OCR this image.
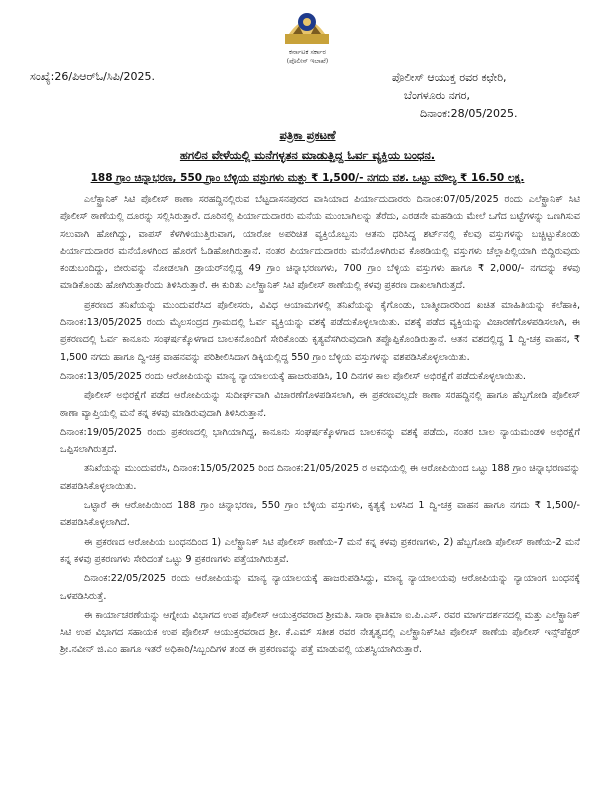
ಕರ್ನಾಟಕ ಸರ್ಕಾರ
(ಪೊಲೀಸ್ ಇಲಾಖೆ)
ಸಂಖ್ಯೆ:26/ಪಿಆರ್‌ಓ/ಸಿಪಿ/2025.	ಪೊಲೀಸ್ ಆಯುಕ್ತ ರವರ ಕಛೇರಿ,
ಬೆಂಗಳೂರು ನಗರ,
ದಿನಾಂಕ:28/05/2025.
ಪತ್ರಿಕಾ ಪ್ರಕಟಣೆ
ಹಗಲಿನ ವೇಳೆಯಲ್ಲಿ ಮನೆಗಳ್ಳತನ ಮಾಡುತ್ತಿದ್ದ ಓರ್ವ ವ್ಯಕ್ತಿಯ ಬಂಧನ.
188 ಗ್ರಾಂ ಚಿನ್ನಾಭರಣ, 550 ಗ್ರಾಂ ಬೆಳ್ಳಿಯ ವಸ್ತುಗಳು ಮತ್ತು ₹ 1,500/- ನಗದು ವಶ. ಒಟ್ಟು ಮೌಲ್ಯ ₹ 16.50 ಲಕ್ಷ.

ಎಲೆಕ್ಟ್ರಾನಿಕ್ ಸಿಟಿ ಪೊಲೀಸ್ ಠಾಣಾ ಸರಹದ್ದಿನಲ್ಲಿರುವ ಬೆಟ್ಟದಾಸನಪುರದ ವಾಸಿಯಾದ ಪಿರ್ಯಾದುದಾರರು ದಿನಾಂಕ:07/05/2025 ರಂದು ಎಲೆಕ್ಟ್ರಾನಿಕ್ ಸಿಟಿ ಪೊಲೀಸ್ ಠಾಣೆಯಲ್ಲಿ ದೂರನ್ನು ಸಲ್ಲಿಸಿರುತ್ತಾರೆ. ದೂರಿನಲ್ಲಿ ಪಿರ್ಯಾದುದಾರರು ಮನೆಯ ಮುಂಬಾಗಿಲನ್ನು ತೆರೆದು, ಎರಡನೇ ಮಹಡಿಯ ಮೇಲೆ ಒಗೆದ ಬಟ್ಟೆಗಳನ್ನು ಒಣಗಿಸುವ ಸಲುವಾಗಿ ಹೋಗಿದ್ದು, ವಾಪಸ್ ಕೆಳಗಿಳಿಯುತ್ತಿರುವಾಗ, ಯಾರೋ ಅಪರಿಚಿತ ವ್ಯಕ್ತಿಯೊಬ್ಬನು ಆತನು ಧರಿಸಿದ್ದ ಶರ್ಟ್‌ನಲ್ಲಿ ಕೆಲವು ವಸ್ತುಗಳನ್ನು ಬಚ್ಚಿಟ್ಟುಕೊಂಡು ಪಿರ್ಯಾದುದಾರರ ಮನೆಯೊಳಗಿಂದ ಹೊರಗೆ ಓಡಿಹೋಗಿರುತ್ತಾನೆ. ನಂತರ ಪಿರ್ಯಾದುದಾರರು ಮನೆಯೊಳಗಿರುವ ಕೊಠಡಿಯಲ್ಲಿ ವಸ್ತುಗಳು ಚೆಲ್ಲಾಪಿಲ್ಲಿಯಾಗಿ ಬಿದ್ದಿರುವುದು ಕಂಡುಬಂದಿದ್ದು, ಬೀರುವನ್ನು ನೋಡಲಾಗಿ ಡ್ರಾಯರ್‌ನಲ್ಲಿದ್ದ 49 ಗ್ರಾಂ ಚಿನ್ನಾಭರಣಗಳು, 700 ಗ್ರಾಂ ಬೆಳ್ಳಿಯ ವಸ್ತುಗಳು ಹಾಗೂ ₹ 2,000/- ನಗದನ್ನು ಕಳವು ಮಾಡಿಕೊಂಡು ಹೋಗಿರುತ್ತಾರೆಂದು ತಿಳಿಸಿರುತ್ತಾರೆ. ಈ ಕುರಿತು ಎಲೆಕ್ಟ್ರಾನಿಕ್ ಸಿಟಿ ಪೊಲೀಸ್ ಠಾಣೆಯಲ್ಲಿ ಕಳವು ಪ್ರಕರಣ ದಾಖಲಾಗಿರುತ್ತದೆ.

ಪ್ರಕರಣದ ತನಿಖೆಯನ್ನು ಮುಂದುವರೆಸಿದ ಪೊಲೀಸರು, ವಿವಿಧ ಆಯಾಮಗಳಲ್ಲಿ ತನಿಖೆಯನ್ನು ಕೈಗೊಂಡು, ಬಾತ್ಮೀದಾರರಿಂದ ಖಚಿತ ಮಾಹಿತಿಯನ್ನು ಕಲೆಹಾಕಿ, ದಿನಾಂಕ:13/05/2025 ರಂದು ಮೈಲಸಂದ್ರದ ಗ್ರಾಮದಲ್ಲಿ ಓರ್ವ ವ್ಯಕ್ತಿಯನ್ನು ವಶಕ್ಕೆ ಪಡೆದುಕೊಳ್ಳಲಾಯಿತು. ವಶಕ್ಕೆ ಪಡೆದ ವ್ಯಕ್ತಿಯನ್ನು ವಿಚಾರಣೆಗೊಳಪಡಿಸಲಾಗಿ, ಈ ಪ್ರಕರಣದಲ್ಲಿ ಓರ್ವ ಕಾನೂನು ಸಂಘರ್ಷಕ್ಕೊಳಗಾದ ಬಾಲಕನೊಂದಿಗೆ ಸೇರಿಕೊಂಡು ಕೃತ್ಯವೆಸಗಿರುವುದಾಗಿ ತಪ್ಪೊಪ್ಪಿಕೊಂಡಿರುತ್ತಾನೆ. ಆತನ ವಶದಲ್ಲಿದ್ದ 1 ದ್ವಿ-ಚಕ್ರ ವಾಹನ, ₹ 1,500 ನಗದು ಹಾಗೂ ದ್ವಿ-ಚಕ್ರ ವಾಹನವನ್ನು ಪರಿಶೀಲಿಸಿದಾಗ ಡಿಕ್ಕಿಯಲ್ಲಿದ್ದ 550 ಗ್ರಾಂ ಬೆಳ್ಳಿಯ ವಸ್ತುಗಳನ್ನು ವಶಪಡಿಸಿಕೊಳ್ಳಲಾಯಿತು.

ದಿನಾಂಕ:13/05/2025 ರಂದು ಆರೋಪಿಯನ್ನು ಮಾನ್ಯ ನ್ಯಾಯಾಲಯಕ್ಕೆ ಹಾಜರುಪಡಿಸಿ, 10 ದಿನಗಳ ಕಾಲ ಪೊಲೀಸ್ ಅಭಿರಕ್ಷೆಗೆ ಪಡೆದುಕೊಳ್ಳಲಾಯಿತು.

ಪೊಲೀಸ್ ಅಭಿರಕ್ಷೆಗೆ ಪಡೆದ ಆರೋಪಿಯನ್ನು ಸುದೀರ್ಘವಾಗಿ ವಿಚಾರಣೆಗೊಳಪಡಿಸಲಾಗಿ, ಈ ಪ್ರಕರಣವಲ್ಲದೇ ಠಾಣಾ ಸರಹದ್ದಿನಲ್ಲಿ ಹಾಗೂ ಹೆಬ್ಬಗೋಡಿ ಪೊಲೀಸ್ ಠಾಣಾ ವ್ಯಾಪ್ತಿಯಲ್ಲಿ ಮನೆ ಕನ್ನ ಕಳವು ಮಾಡಿರುವುದಾಗಿ ತಿಳಿಸಿರುತ್ತಾನೆ.

ದಿನಾಂಕ:19/05/2025 ರಂದು ಪ್ರಕರಣದಲ್ಲಿ ಭಾಗಿಯಾಗಿದ್ದ, ಕಾನೂನು ಸಂಘರ್ಷಕ್ಕೊಳಗಾದ ಬಾಲಕನನ್ನು ವಶಕ್ಕೆ ಪಡೆದು, ನಂತರ ಬಾಲ ನ್ಯಾಯಮಂಡಳಿ ಅಭಿರಕ್ಷೆಗೆ ಒಪ್ಪಿಸಲಾಗಿರುತ್ತದೆ.

ತನಿಖೆಯನ್ನು ಮುಂದುವರೆಸಿ, ದಿನಾಂಕ:15/05/2025 ರಿಂದ ದಿನಾಂಕ:21/05/2025 ರ ಅವಧಿಯಲ್ಲಿ ಈ ಆರೋಪಿಯಿಂದ ಒಟ್ಟು 188 ಗ್ರಾಂ ಚಿನ್ನಾಭರಣವನ್ನು ವಶಪಡಿಸಿಕೊಳ್ಳಲಾಯಿತು.

ಒಟ್ಟಾರೆ ಈ ಆರೋಪಿಯಿಂದ 188 ಗ್ರಾಂ ಚಿನ್ನಾಭರಣ, 550 ಗ್ರಾಂ ಬೆಳ್ಳಿಯ ವಸ್ತುಗಳು, ಕೃತ್ಯಕ್ಕೆ ಬಳಸಿದ 1 ದ್ವಿ-ಚಕ್ರ ವಾಹನ ಹಾಗೂ ನಗದು ₹ 1,500/- ವಶಪಡಿಸಿಕೊಳ್ಳಲಾಗಿದೆ.

ಈ ಪ್ರಕರಣದ ಆರೋಪಿಯ ಬಂಧನದಿಂದ 1) ಎಲೆಕ್ಟ್ರಾನಿಕ್ ಸಿಟಿ ಪೊಲೀಸ್ ಠಾಣೆಯ-7 ಮನೆ ಕನ್ನ ಕಳವು ಪ್ರಕರಣಗಳು, 2) ಹೆಬ್ಬಗೋಡಿ ಪೊಲೀಸ್ ಠಾಣೆಯ-2 ಮನೆ ಕನ್ನ ಕಳವು ಪ್ರಕರಣಗಳು ಸೇರಿದಂತೆ ಒಟ್ಟು 9 ಪ್ರಕರಣಗಳು ಪತ್ತೆಯಾಗಿರುತ್ತವೆ.

ದಿನಾಂಕ:22/05/2025 ರಂದು ಆರೋಪಿಯನ್ನು ಮಾನ್ಯ ನ್ಯಾಯಾಲಯಕ್ಕೆ ಹಾಜರುಪಡಿಸಿದ್ದು, ಮಾನ್ಯ ನ್ಯಾಯಾಲಯವು ಆರೋಪಿಯನ್ನು ನ್ಯಾಯಾಂಗ ಬಂಧನಕ್ಕೆ ಒಳಪಡಿಸಿರುತ್ತೆ.

ಈ ಕಾರ್ಯಾಚರಣೆಯನ್ನು ಆಗ್ನೇಯ ವಿಭಾಗದ ಉಪ ಪೊಲೀಸ್ ಆಯುಕ್ತರವರಾದ ಶ್ರೀಮತಿ. ಸಾರಾ ಫಾತಿಮಾ ಐ.ಪಿ.ಎಸ್. ರವರ ಮಾರ್ಗದರ್ಶನದಲ್ಲಿ ಮತ್ತು ಎಲೆಕ್ಟ್ರಾನಿಕ್ ಸಿಟಿ ಉಪ ವಿಭಾಗದ ಸಹಾಯಕ ಉಪ ಪೊಲೀಸ್ ಆಯುಕ್ತರವರಾದ ಶ್ರೀ. ಕೆ.ಎಮ್ ಸತೀಶ ರವರ ನೇತೃತ್ವದಲ್ಲಿ ಎಲೆಕ್ಟ್ರಾನಿಕ್‌ಸಿಟಿ ಪೊಲೀಸ್ ಠಾಣೆಯ ಪೊಲೀಸ್ ಇನ್ಸ್‌ಪೆಕ್ಟರ್ ಶ್ರೀ.ನವೀನ್ ಜಿ.ಎಂ ಹಾಗೂ ಇತರೆ ಅಧಿಕಾರಿ/ಸಿಬ್ಬಂದಿಗಳ ತಂಡ ಈ ಪ್ರಕರಣವನ್ನು ಪತ್ತೆ ಮಾಡುವಲ್ಲಿ ಯಶಸ್ವಿಯಾಗಿರುತ್ತಾರೆ.
